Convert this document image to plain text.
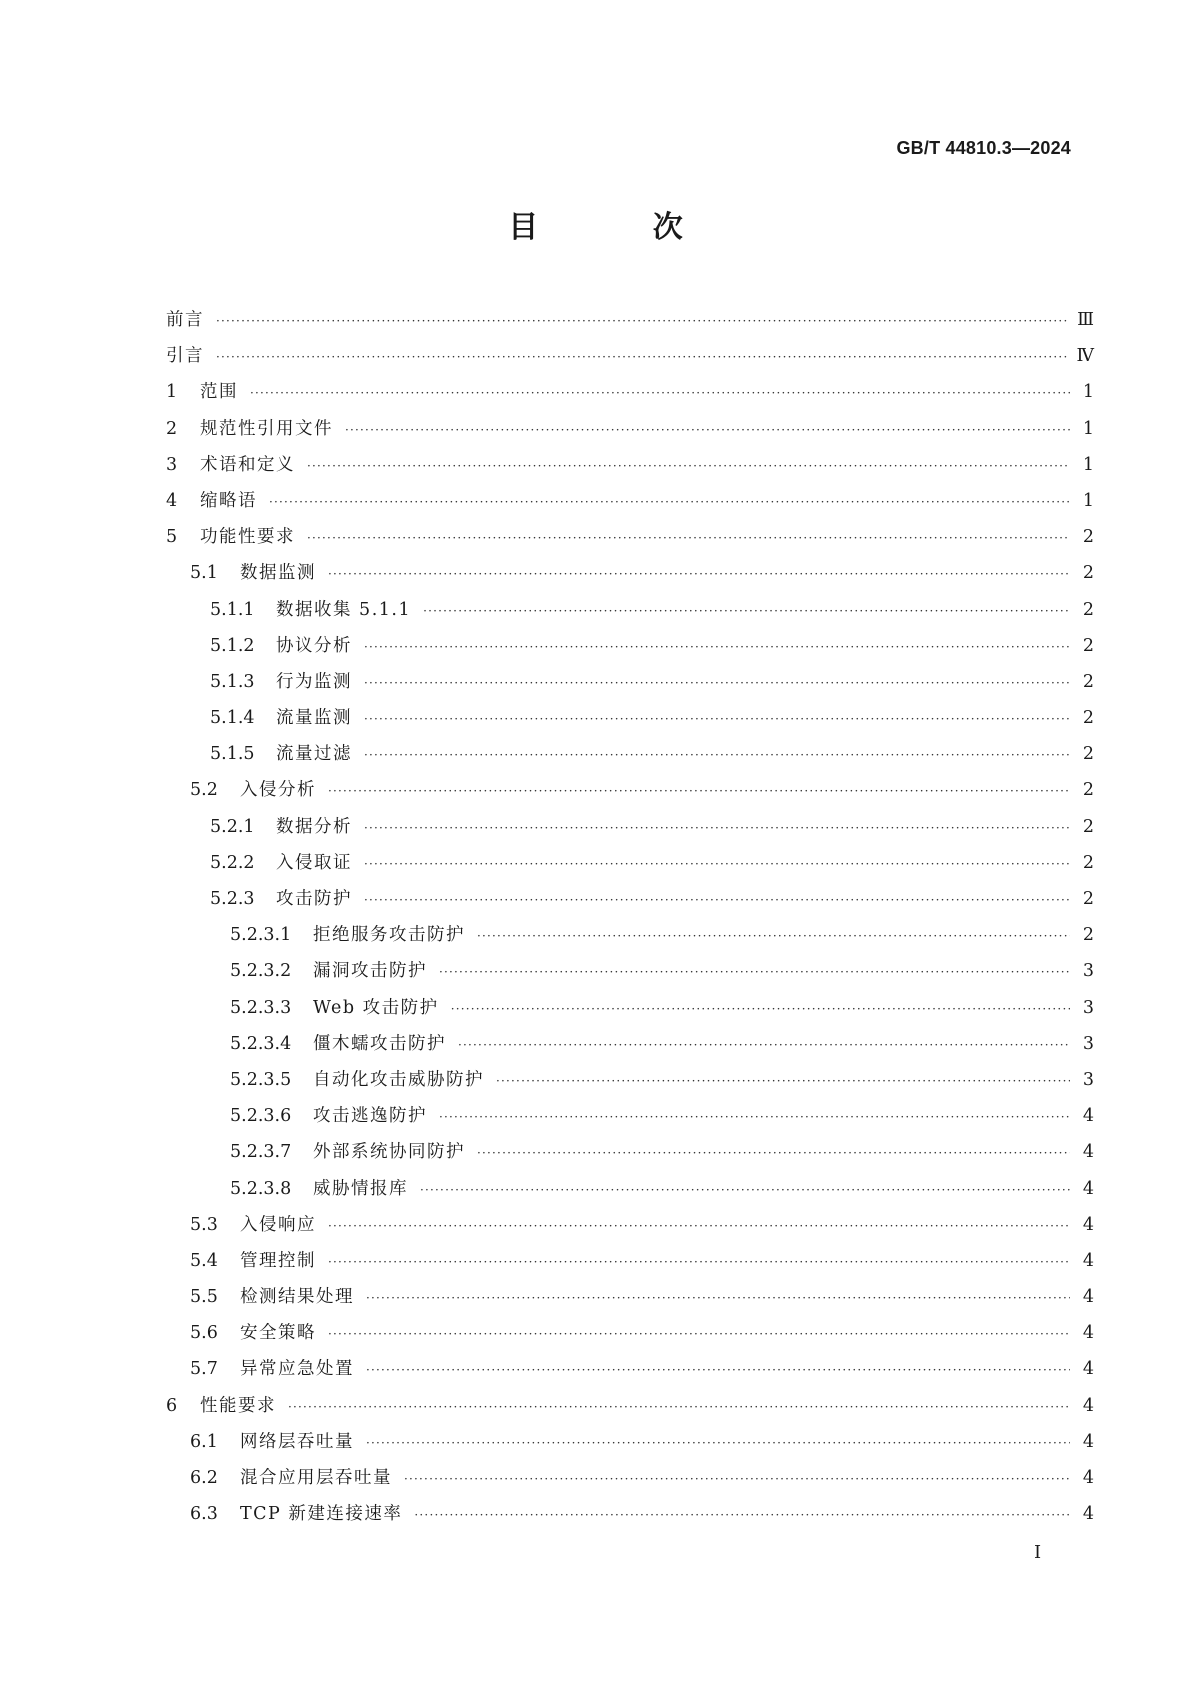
GB/T 44810.3—2024
目 次
前言 ·····	Ⅲ
引言 ·····	Ⅳ
1	范围 ·····	1
2	规范性引用文件 ·····	1
3	术语和定义 ·····	1
4	缩略语 ·····	1
5	功能性要求 ·····	2
5.1	数据监测 ·····	2
5.1.1	数据收集 5.1.1 ·····	2
5.1.2	协议分析 ·····	2
5.1.3	行为监测 ·····	2
5.1.4	流量监测 ·····	2
5.1.5	流量过滤 ·····	2
5.2	入侵分析 ·····	2
5.2.1	数据分析 ·····	2
5.2.2	入侵取证 ·····	2
5.2.3	攻击防护 ·····	2
5.2.3.1	拒绝服务攻击防护 ·····	2
5.2.3.2	漏洞攻击防护 ·····	3
5.2.3.3	Web 攻击防护 ·····	3
5.2.3.4	僵木蠕攻击防护 ·····	3
5.2.3.5	自动化攻击威胁防护 ·····	3
5.2.3.6	攻击逃逸防护 ·····	4
5.2.3.7	外部系统协同防护 ·····	4
5.2.3.8	威胁情报库 ·····	4
5.3	入侵响应 ·····	4
5.4	管理控制 ·····	4
5.5	检测结果处理 ·····	4
5.6	安全策略 ·····	4
5.7	异常应急处置 ·····	4
6	性能要求 ·····	4
6.1	网络层吞吐量 ·····	4
6.2	混合应用层吞吐量 ·····	4
6.3	TCP 新建连接速率 ·····	4
Ⅰ
